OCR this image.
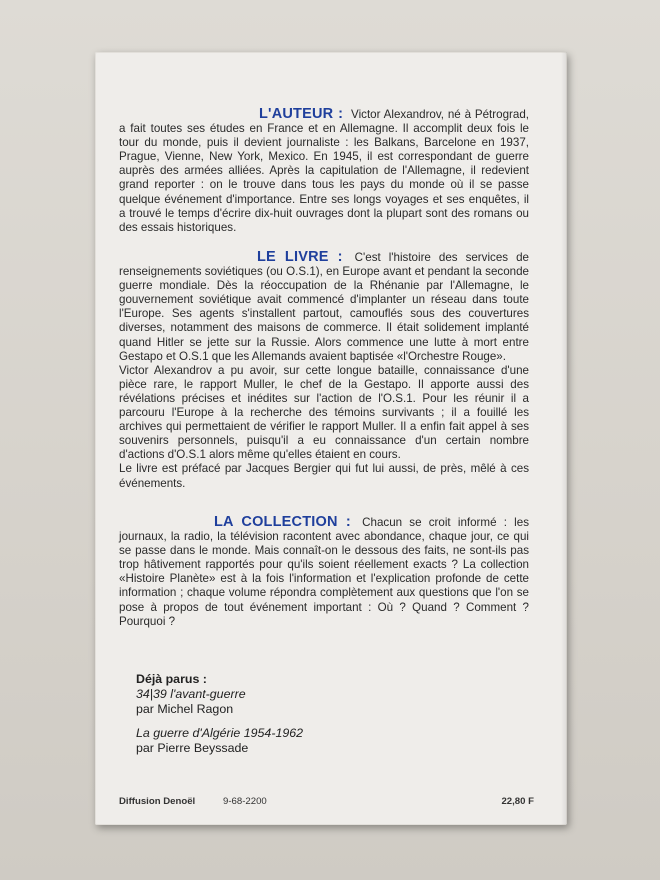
L'AUTEUR : Victor Alexandrov, né à Pétrograd, a fait toutes ses études en France et en Allemagne. Il accomplit deux fois le tour du monde, puis il devient journaliste : les Balkans, Barcelone en 1937, Prague, Vienne, New York, Mexico. En 1945, il est correspondant de guerre auprès des armées alliées. Après la capitulation de l'Allemagne, il redevient grand reporter : on le trouve dans tous les pays du monde où il se passe quelque événement d'importance. Entre ses longs voyages et ses enquêtes, il a trouvé le temps d'écrire dix-huit ouvrages dont la plupart sont des romans ou des essais historiques.

LE LIVRE : C'est l'histoire des services de renseignements soviétiques (ou O.S.1), en Europe avant et pendant la seconde guerre mondiale. Dès la réoccupation de la Rhénanie par l'Allemagne, le gouvernement soviétique avait commencé d'implanter un réseau dans toute l'Europe. Ses agents s'installent partout, camouflés sous des couvertures diverses, notamment des maisons de commerce. Il était solidement implanté quand Hitler se jette sur la Russie. Alors commence une lutte à mort entre Gestapo et O.S.1 que les Allemands avaient baptisée «l'Orchestre Rouge».

Victor Alexandrov a pu avoir, sur cette longue bataille, connaissance d'une pièce rare, le rapport Muller, le chef de la Gestapo. Il apporte aussi des révélations précises et inédites sur l'action de l'O.S.1. Pour les réunir il a parcouru l'Europe à la recherche des témoins survivants ; il a fouillé les archives qui permettaient de vérifier le rapport Muller. Il a enfin fait appel à ses souvenirs personnels, puisqu'il a eu connaissance d'un certain nombre d'actions d'O.S.1 alors même qu'elles étaient en cours.

Le livre est préfacé par Jacques Bergier qui fut lui aussi, de près, mêlé à ces événements.

LA COLLECTION : Chacun se croit informé : les journaux, la radio, la télévision racontent avec abondance, chaque jour, ce qui se passe dans le monde. Mais connaît-on le dessous des faits, ne sont-ils pas trop hâtivement rapportés pour qu'ils soient réellement exacts ? La collection «Histoire Planète» est à la fois l'information et l'explication profonde de cette information ; chaque volume répondra complètement aux questions que l'on se pose à propos de tout événement important : Où ? Quand ? Comment ? Pourquoi ?

Déjà parus :
34|39 l'avant-guerre
par Michel Ragon
La guerre d'Algérie 1954-1962
par Pierre Beyssade
Diffusion Denoël	9-68-2200	22,80 F
